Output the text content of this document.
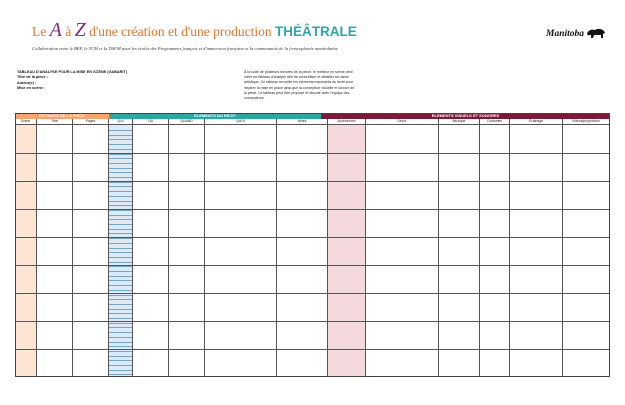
Le A à Z d'une création et d'une production THÉÂTRALE
Collaboration entre le BEF, le TCM et la DSFM pour les écoles des Programmes français et d'immersion française et la communauté de la francophonie manitobaine
Manitoba
TABLEAU D'ANALYSE POUR LA MISE EN SCÈNE (GABARIT)
Titre de la pièce :
Auteur(e) :
Mise en scène :
À la suite de plusieurs lectures de la pièce, le metteur en scène peut créer un tableau d'analyse afin de concrétiser et détailler sa vision artistique. Ce tableau recueille les éléments importants du texte pour inspirer la mise en place ainsi que la conception visuelle et sonore de la pièce. Le tableau peut être proposé et discuté avec l'équipe des concepteurs.
EXTRAITS DE LA PIÈCE	ÉLÉMENTS DU RÉCIT	ÉLÉMENTS VISUELS ET SONORES
Scène	Titre	Pages	QUI	OÙ	QUAND	QUOI	Notes	Accessoires	Décor	Musique	Costumes	Éclairage	Vidéos/projections
